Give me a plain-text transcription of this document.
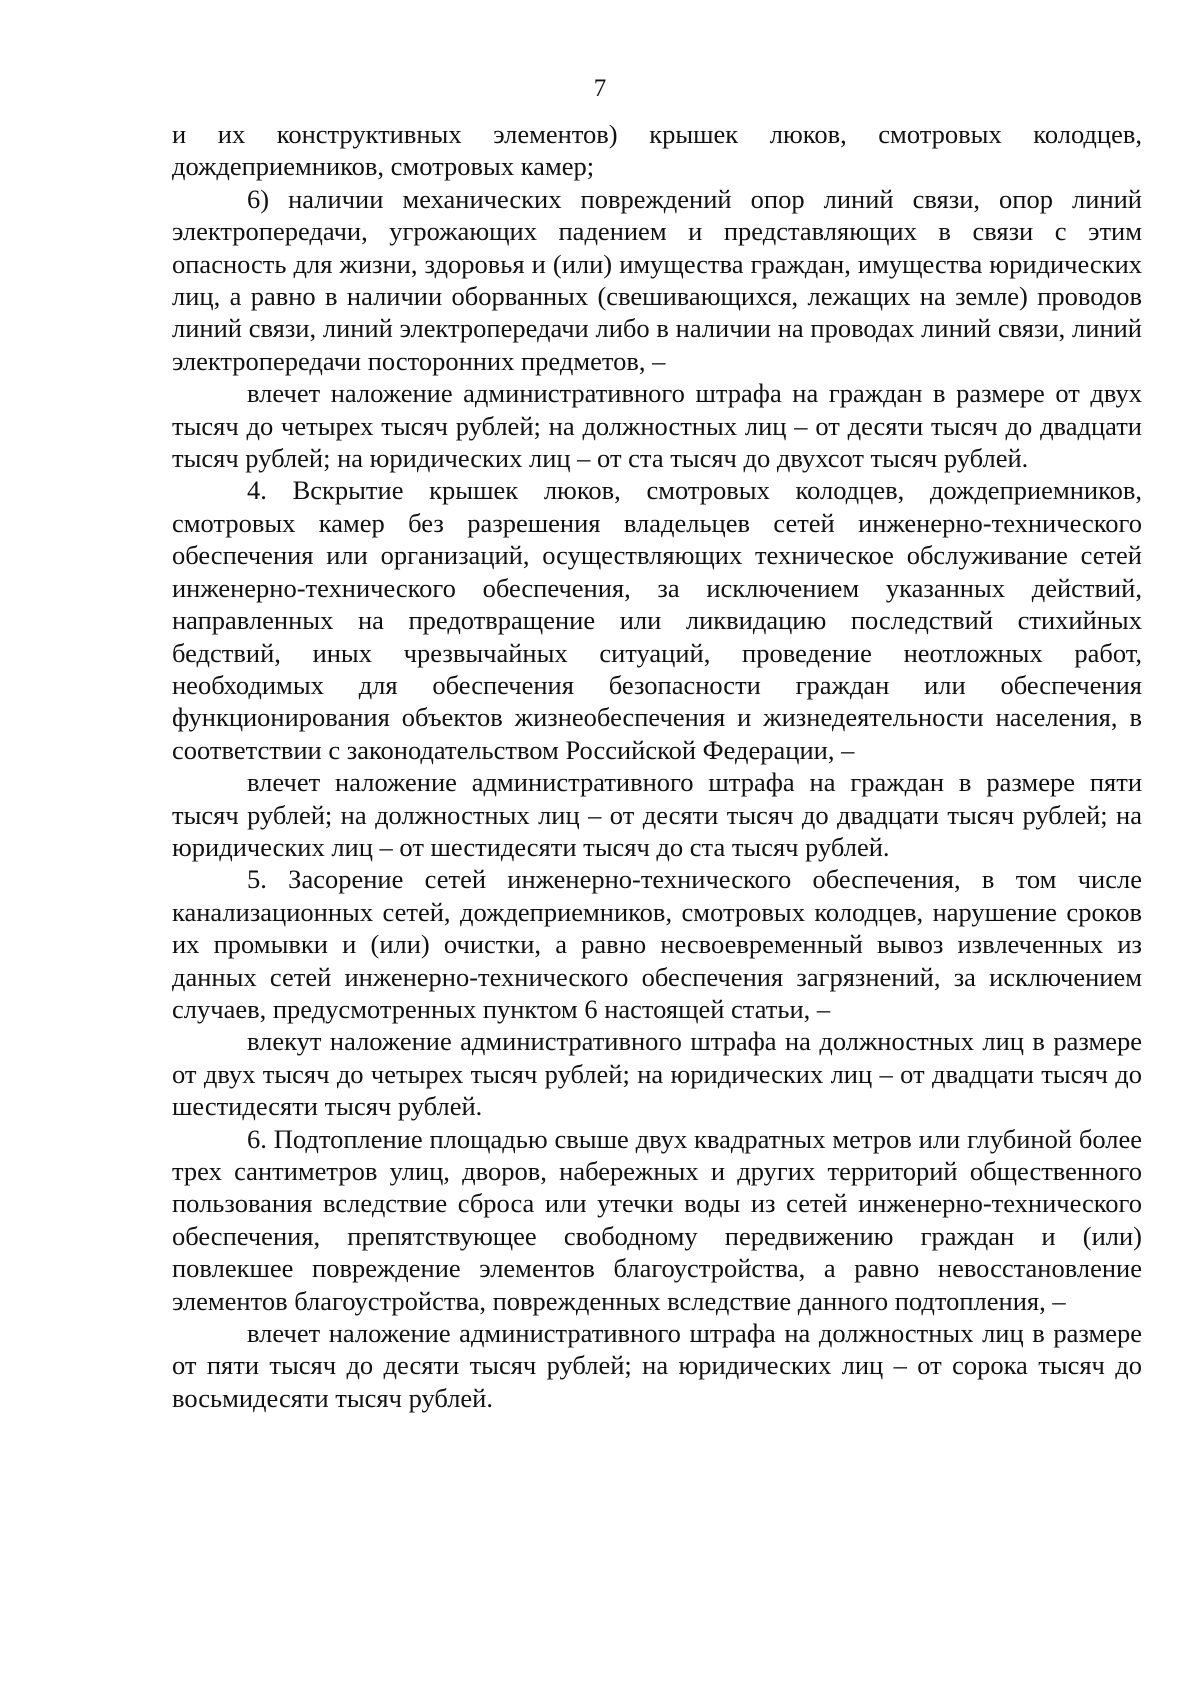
7

и их конструктивных элементов) крышек люков, смотровых колодцев, дождеприемников, смотровых камер;

6) наличии механических повреждений опор линий связи, опор линий электропередачи, угрожающих падением и представляющих в связи с этим опасность для жизни, здоровья и (или) имущества граждан, имущества юридических лиц, а равно в наличии оборванных (свешивающихся, лежащих на земле) проводов линий связи, линий электропередачи либо в наличии на проводах линий связи, линий электропередачи посторонних предметов, –

влечет наложение административного штрафа на граждан в размере от двух тысяч до четырех тысяч рублей; на должностных лиц – от десяти тысяч до двадцати тысяч рублей; на юридических лиц – от ста тысяч до двухсот тысяч рублей.

4. Вскрытие крышек люков, смотровых колодцев, дождеприемников, смотровых камер без разрешения владельцев сетей инженерно-технического обеспечения или организаций, осуществляющих техническое обслуживание сетей инженерно-технического обеспечения, за исключением указанных действий, направленных на предотвращение или ликвидацию последствий стихийных бедствий, иных чрезвычайных ситуаций, проведение неотложных работ, необходимых для обеспечения безопасности граждан или обеспечения функционирования объектов жизнеобеспечения и жизнедеятельности населения, в соответствии с законодательством Российской Федерации, –

влечет наложение административного штрафа на граждан в размере пяти тысяч рублей; на должностных лиц – от десяти тысяч до двадцати тысяч рублей; на юридических лиц – от шестидесяти тысяч до ста тысяч рублей.

5. Засорение сетей инженерно-технического обеспечения, в том числе канализационных сетей, дождеприемников, смотровых колодцев, нарушение сроков их промывки и (или) очистки, а равно несвоевременный вывоз извлеченных из данных сетей инженерно-технического обеспечения загрязнений, за исключением случаев, предусмотренных пунктом 6 настоящей статьи, –

влекут наложение административного штрафа на должностных лиц в размере от двух тысяч до четырех тысяч рублей; на юридических лиц – от двадцати тысяч до шестидесяти тысяч рублей.

6. Подтопление площадью свыше двух квадратных метров или глубиной более трех сантиметров улиц, дворов, набережных и других территорий общественного пользования вследствие сброса или утечки воды из сетей инженерно-технического обеспечения, препятствующее свободному передвижению граждан и (или) повлекшее повреждение элементов благоустройства, а равно невосстановление элементов благоустройства, поврежденных вследствие данного подтопления, –

влечет наложение административного штрафа на должностных лиц в размере от пяти тысяч до десяти тысяч рублей; на юридических лиц – от сорока тысяч до восьмидесяти тысяч рублей.
